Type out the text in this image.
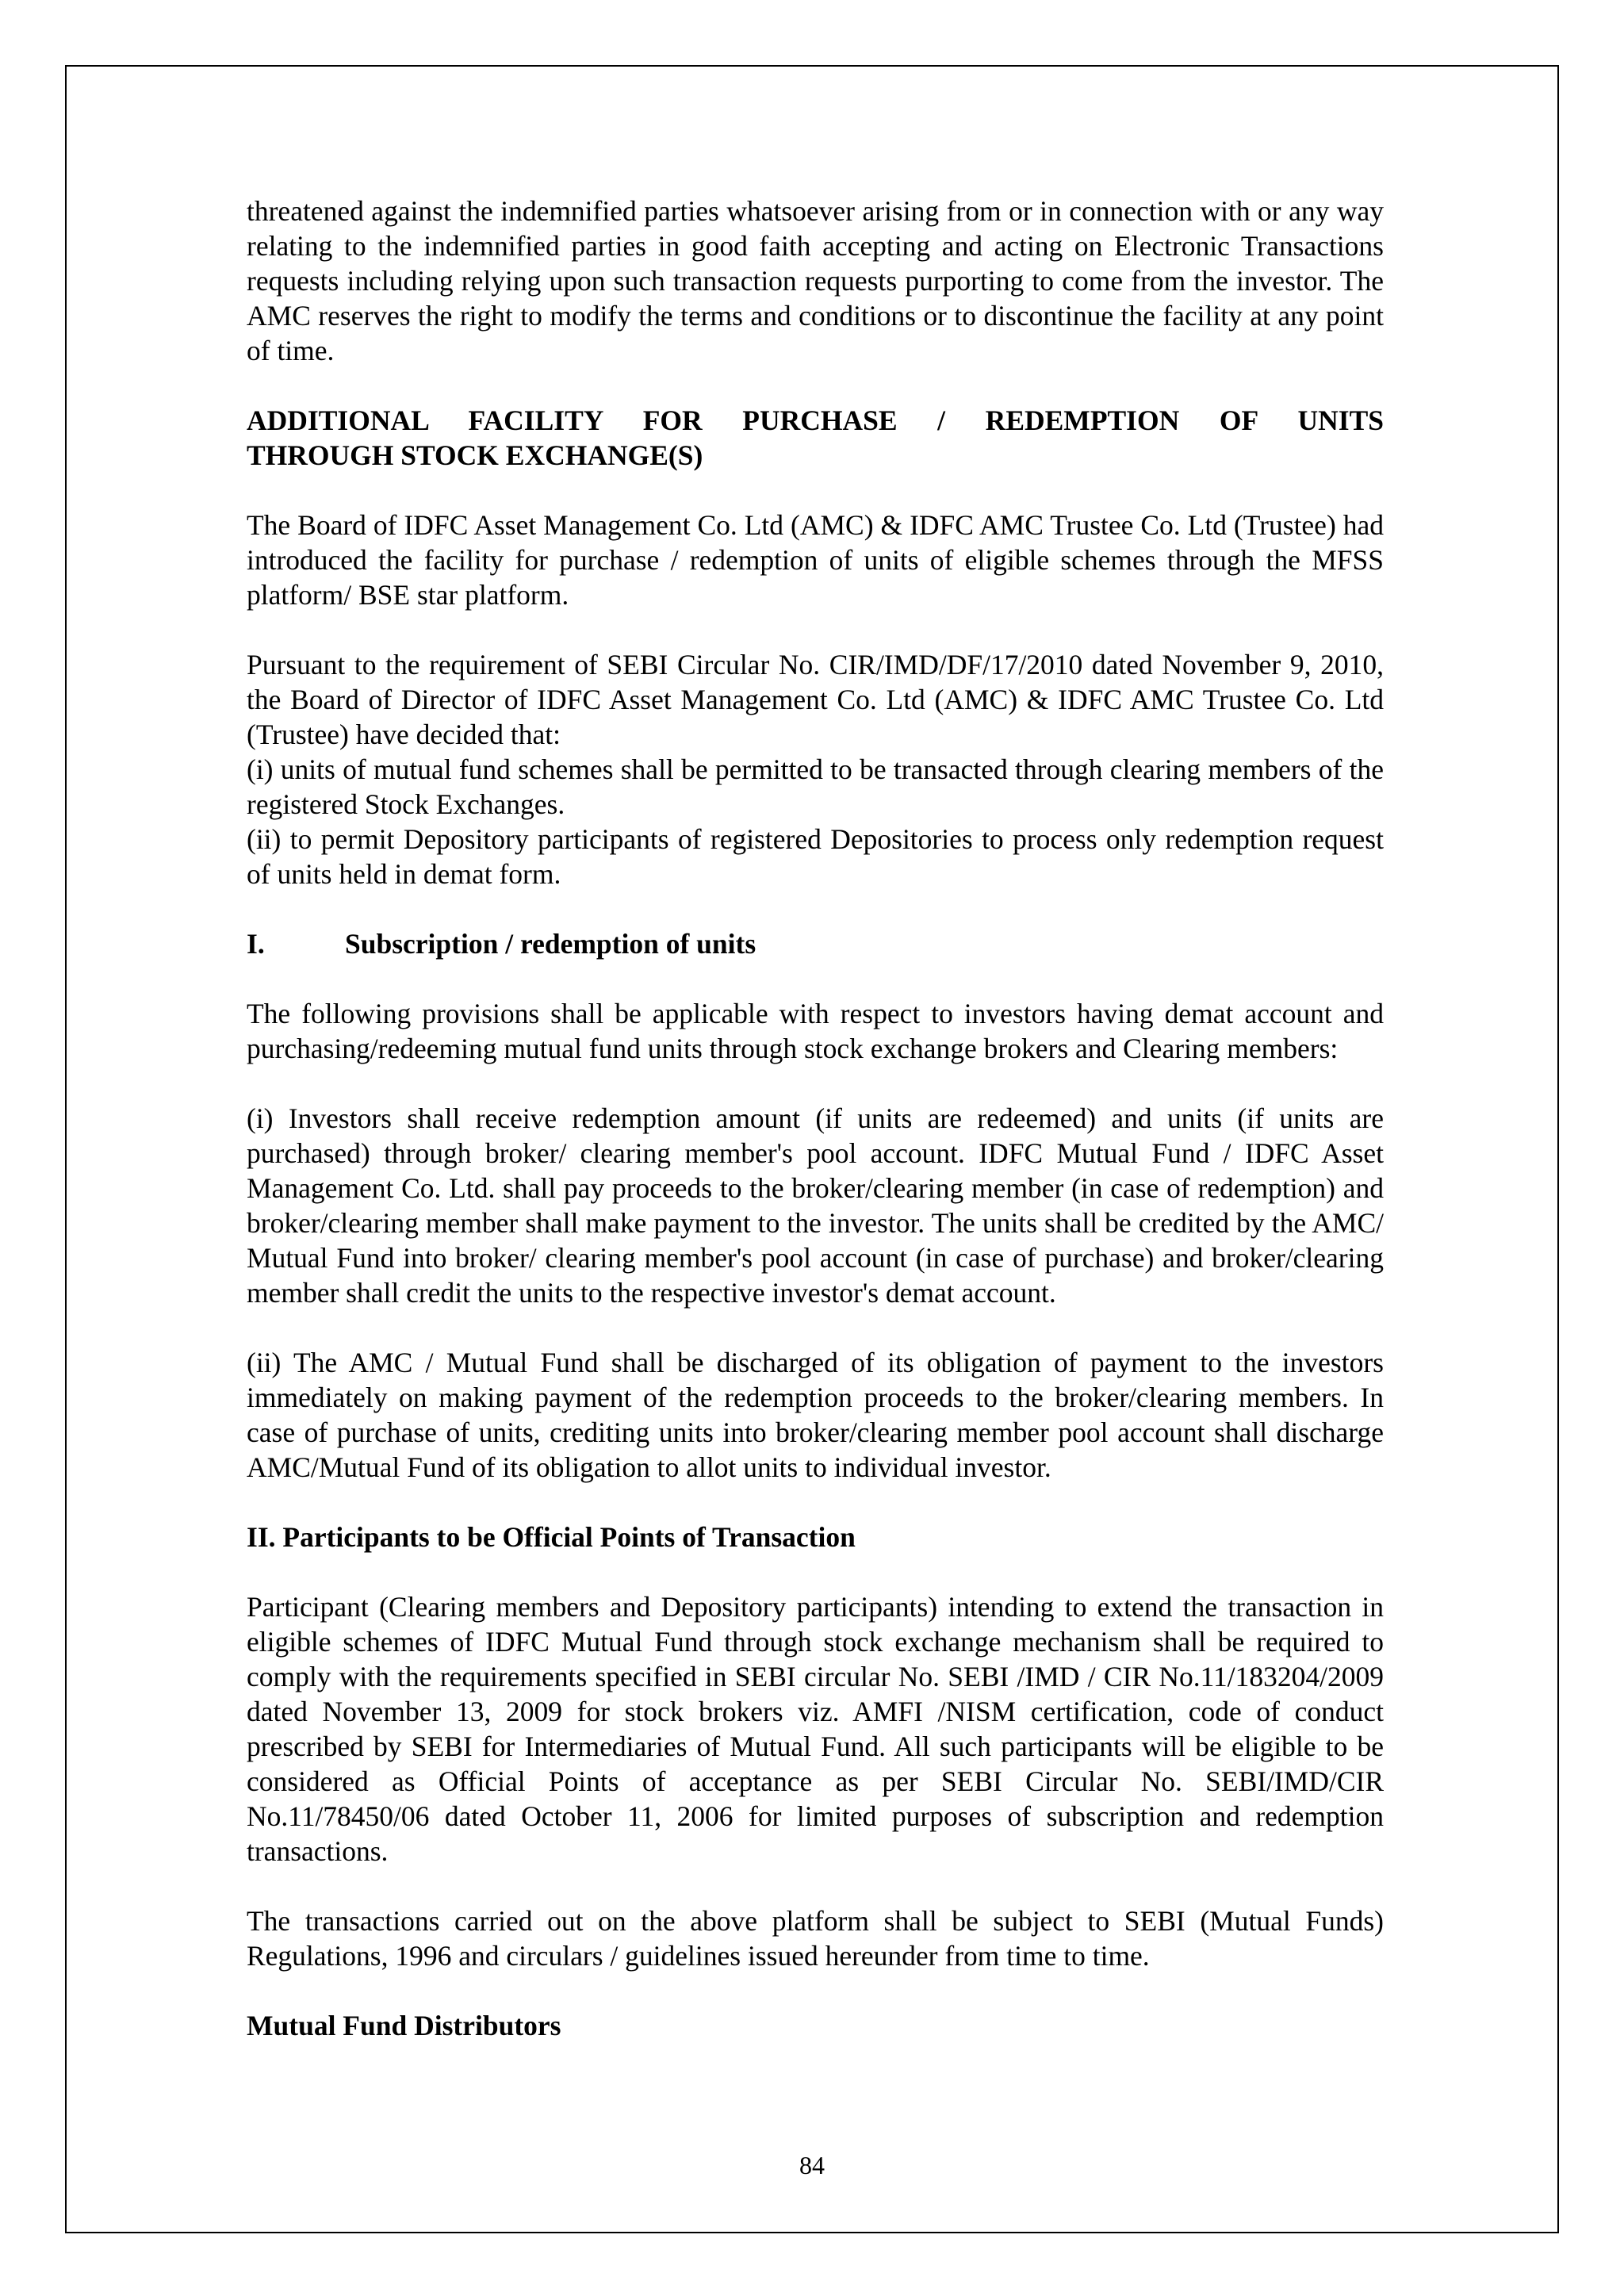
threatened against the indemnified parties whatsoever arising from or in connection with or any way relating to the indemnified parties in good faith accepting and acting on Electronic Transactions requests including relying upon such transaction requests purporting to come from the investor. The AMC reserves the right to modify the terms and conditions or to discontinue the facility at any point of time.

ADDITIONAL FACILITY FOR PURCHASE / REDEMPTION OF UNITS

THROUGH STOCK EXCHANGE(S)

The Board of IDFC Asset Management Co. Ltd (AMC) & IDFC AMC Trustee Co. Ltd (Trustee) had introduced the facility for purchase / redemption of units of eligible schemes through the MFSS platform/ BSE star platform.

Pursuant to the requirement of SEBI Circular No. CIR/IMD/DF/17/2010 dated November 9, 2010, the Board of Director of IDFC Asset Management Co. Ltd (AMC) & IDFC AMC Trustee Co. Ltd (Trustee) have decided that:

(i) units of mutual fund schemes shall be permitted to be transacted through clearing members of the registered Stock Exchanges.

(ii) to permit Depository participants of registered Depositories to process only redemption request of units held in demat form.

I.	Subscription / redemption of units

The following provisions shall be applicable with respect to investors having demat account and purchasing/redeeming mutual fund units through stock exchange brokers and Clearing members:

(i) Investors shall receive redemption amount (if units are redeemed) and units (if units are purchased) through broker/ clearing member's pool account. IDFC Mutual Fund / IDFC Asset Management Co. Ltd. shall pay proceeds to the broker/clearing member (in case of redemption) and broker/clearing member shall make payment to the investor. The units shall be credited by the AMC/ Mutual Fund into broker/ clearing member's pool account (in case of purchase) and broker/clearing member shall credit the units to the respective investor's demat account.

(ii) The AMC / Mutual Fund shall be discharged of its obligation of payment to the investors immediately on making payment of the redemption proceeds to the broker/clearing members. In case of purchase of units, crediting units into broker/clearing member pool account shall discharge AMC/Mutual Fund of its obligation to allot units to individual investor.

II. Participants to be Official Points of Transaction

Participant (Clearing members and Depository participants) intending to extend the transaction in eligible schemes of IDFC Mutual Fund through stock exchange mechanism shall be required to comply with the requirements specified in SEBI circular No. SEBI /IMD / CIR No.11/183204/2009 dated November 13, 2009 for stock brokers viz. AMFI /NISM certification, code of conduct prescribed by SEBI for Intermediaries of Mutual Fund. All such participants will be eligible to be considered as Official Points of acceptance as per SEBI Circular No. SEBI/IMD/CIR No.11/78450/06 dated October 11, 2006 for limited purposes of subscription and redemption transactions.

The transactions carried out on the above platform shall be subject to SEBI (Mutual Funds) Regulations, 1996 and circulars / guidelines issued hereunder from time to time.

Mutual Fund Distributors

84
